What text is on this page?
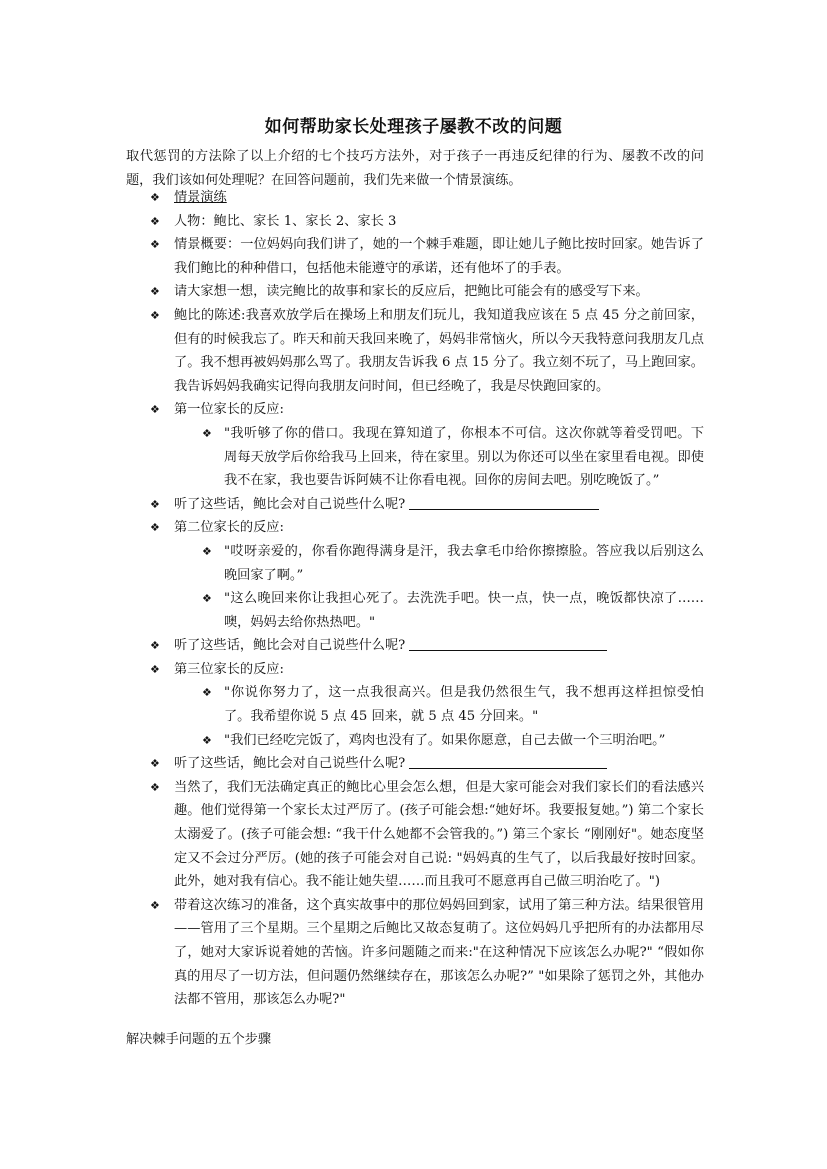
如何帮助家长处理孩子屡教不改的问题
取代惩罚的方法除了以上介绍的七个技巧方法外，对于孩子一再违反纪律的行为、屡教不改的问题，我们该如何处理呢？在回答问题前，我们先来做一个情景演练。
❖ 情景演练
❖ 人物：鲍比、家长 1、家长 2、家长 3
❖ 情景概要：一位妈妈向我们讲了，她的一个棘手难题，即让她儿子鲍比按时回家。她告诉了我们鲍比的种种借口，包括他未能遵守的承诺，还有他坏了的手表。
❖ 请大家想一想，读完鲍比的故事和家长的反应后，把鲍比可能会有的感受写下来。
❖ 鲍比的陈述:我喜欢放学后在操场上和朋友们玩儿，我知道我应该在 5 点 45 分之前回家，但有的时候我忘了。昨天和前天我回来晚了，妈妈非常恼火，所以今天我特意问我朋友几点了。我不想再被妈妈那么骂了。我朋友告诉我 6 点 15 分了。我立刻不玩了，马上跑回家。我告诉妈妈我确实记得向我朋友问时间，但已经晚了，我是尽快跑回家的。
❖ 第一位家长的反应:
❖ "我听够了你的借口。我现在算知道了，你根本不可信。这次你就等着受罚吧。下周每天放学后你给我马上回来，待在家里。别以为你还可以坐在家里看电视。即使我不在家，我也要告诉阿姨不让你看电视。回你的房间去吧。别吃晚饭了。”
❖ 听了这些话，鲍比会对自己说些什么呢?
❖ 第二位家长的反应:
❖ "哎呀亲爱的，你看你跑得满身是汗，我去拿毛巾给你擦擦脸。答应我以后别这么晚回家了啊。”
❖ "这么晚回来你让我担心死了。去洗洗手吧。快一点，快一点，晚饭都快凉了……噢，妈妈去给你热热吧。"
❖ 听了这些话，鲍比会对自己说些什么呢?
❖ 第三位家长的反应:
❖ "你说你努力了，这一点我很高兴。但是我仍然很生气，我不想再这样担惊受怕了。我希望你说 5 点 45 回来，就 5 点 45 分回来。"
❖ "我们已经吃完饭了，鸡肉也没有了。如果你愿意，自己去做一个三明治吧。”
❖ 听了这些话，鲍比会对自己说些什么呢?
❖ 当然了，我们无法确定真正的鲍比心里会怎么想，但是大家可能会对我们家长们的看法感兴趣。他们觉得第一个家长太过严厉了。(孩子可能会想:“她好坏。我要报复她。”) 第二个家长太溺爱了。(孩子可能会想: “我干什么她都不会管我的。”) 第三个家长 “刚刚好"。她态度坚定又不会过分严厉。(她的孩子可能会对自己说: "妈妈真的生气了，以后我最好按时回家。此外，她对我有信心。我不能让她失望……而且我可不愿意再自己做三明治吃了。")
❖ 带着这次练习的准备，这个真实故事中的那位妈妈回到家，试用了第三种方法。结果很管用——管用了三个星期。三个星期之后鲍比又故态复萌了。这位妈妈几乎把所有的办法都用尽了，她对大家诉说着她的苦恼。许多问题随之而来:"在这种情况下应该怎么办呢?" “假如你真的用尽了一切方法，但问题仍然继续存在，那该怎么办呢?” "如果除了惩罚之外，其他办法都不管用，那该怎么办呢?"
解决棘手问题的五个步骤
